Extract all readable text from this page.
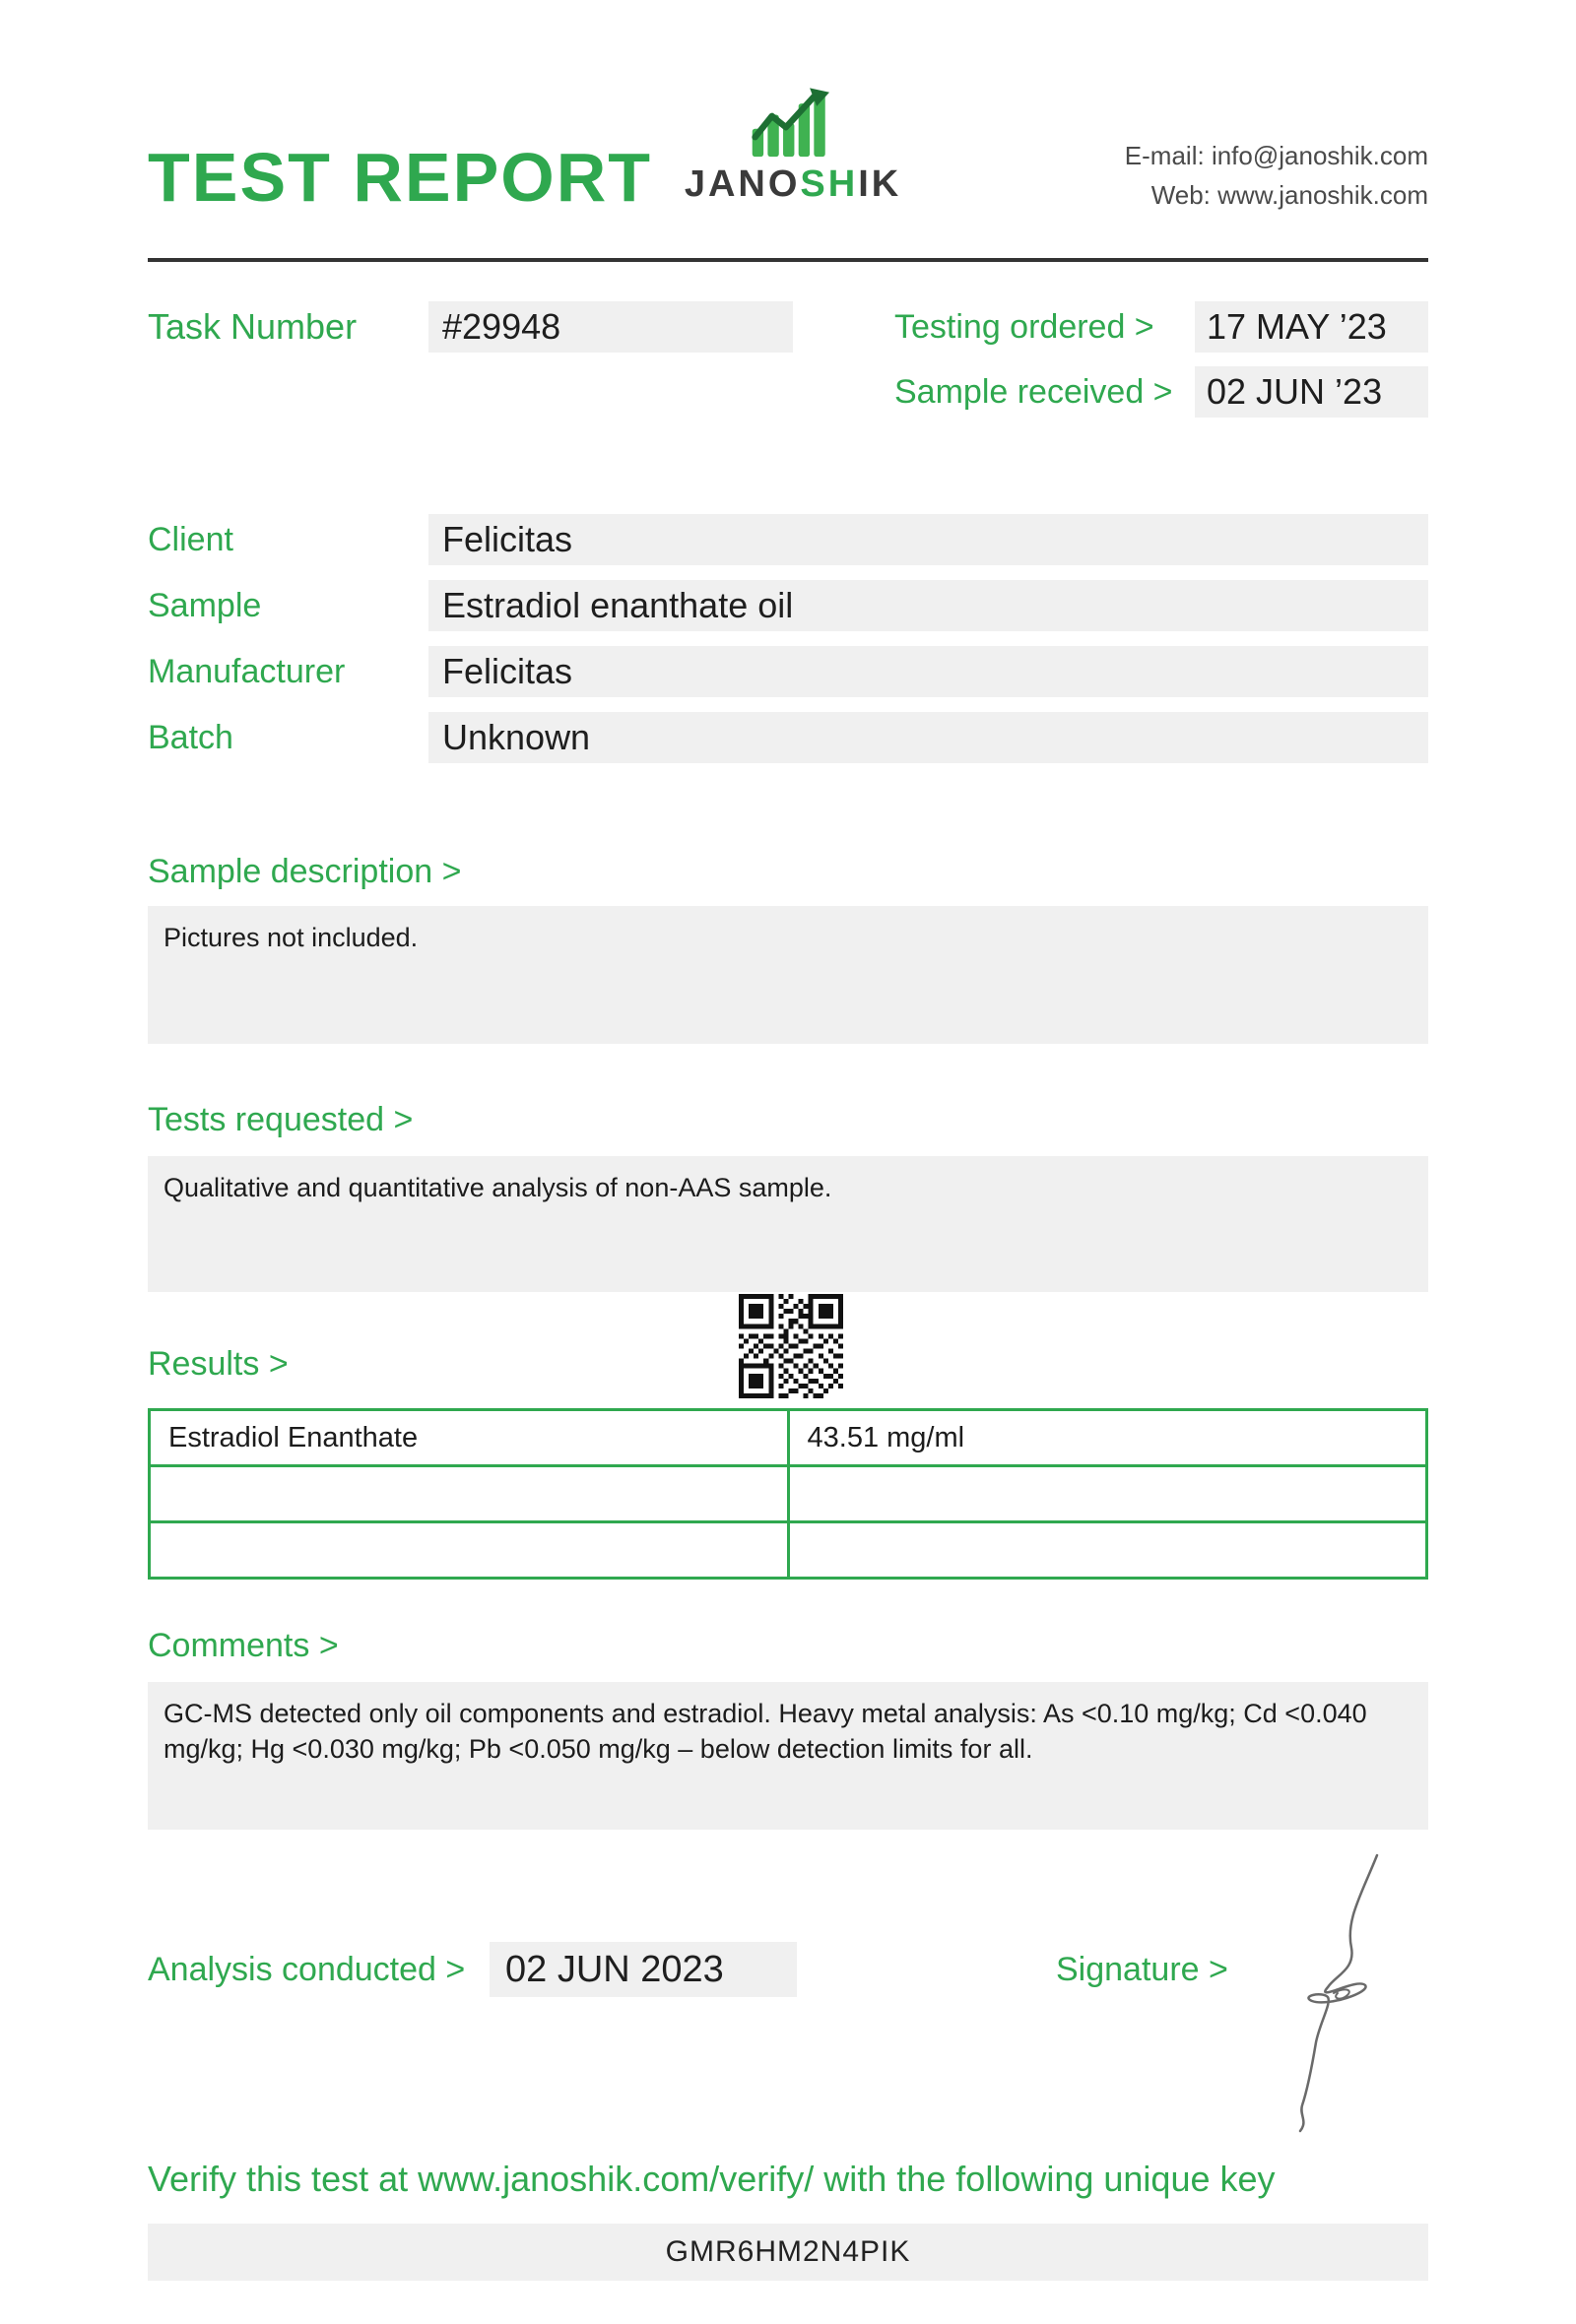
TEST REPORT JANOSHIK
E-mail: info@janoshik.com
Web: www.janoshik.com
Task Number	#29948	Testing ordered >	17 MAY ’23
Sample received > 02 JUN ’23
Client	Felicitas
Sample	Estradiol enanthate oil
Manufacturer	Felicitas
Batch	Unknown
Sample description >
Pictures not included.
Tests requested >
Qualitative and quantitative analysis of non-AAS sample.
Results >
Estradiol Enanthate	43.51 mg/ml

Comments >
GC-MS detected only oil components and estradiol. Heavy metal analysis: As <0.10 mg/kg; Cd <0.040 mg/kg; Hg <0.030 mg/kg; Pb <0.050 mg/kg – below detection limits for all.
Analysis conducted >	02 JUN 2023	Signature >
Verify this test at www.janoshik.com/verify/ with the following unique key
GMR6HM2N4PIK
